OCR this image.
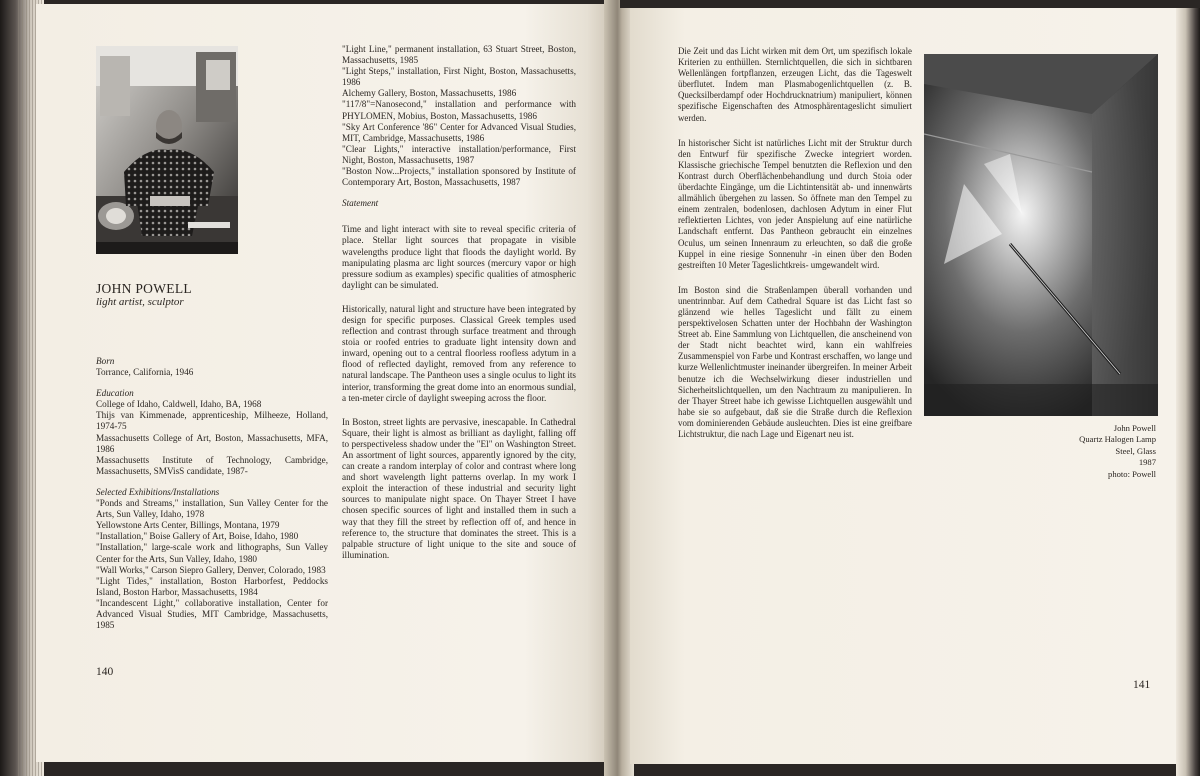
JOHN POWELL
light artist, sculptor

Born

Torrance, California, 1946

Education

College of Idaho, Caldwell, Idaho, BA, 1968

Thijs van Kimmenade, apprenticeship, Milheeze, Holland, 1974-75

Massachusetts College of Art, Boston, Massachusetts, MFA, 1986

Massachusetts Institute of Technology, Cambridge, Massachusetts, SMVisS candidate, 1987-

Selected Exhibitions/Installations

"Ponds and Streams," installation, Sun Valley Center for the Arts, Sun Valley, Idaho, 1978

Yellowstone Arts Center, Billings, Montana, 1979

"Installation," Boise Gallery of Art, Boise, Idaho, 1980

"Installation," large-scale work and lithographs, Sun Valley Center for the Arts, Sun Valley, Idaho, 1980

"Wall Works," Carson Siepro Gallery, Denver, Colorado, 1983

"Light Tides," installation, Boston Harborfest, Peddocks Island, Boston Harbor, Massachusetts, 1984

"Incandescent Light," collaborative installation, Center for Advanced Visual Studies, MIT Cambridge, Massachusetts, 1985

"Light Line," permanent installation, 63 Stuart Street, Boston, Massachusetts, 1985

"Light Steps," installation, First Night, Boston, Massachusetts, 1986

Alchemy Gallery, Boston, Massachusetts, 1986

"117/8"=Nanosecond," installation and performance with PHYLOMEN, Mobius, Boston, Massachusetts, 1986

"Sky Art Conference '86" Center for Advanced Visual Studies, MIT, Cambridge, Massachusetts, 1986

"Clear Lights," interactive installation/performance, First Night, Boston, Massachusetts, 1987

"Boston Now...Projects," installation sponsored by Institute of Contemporary Art, Boston, Massachusetts, 1987

Statement

Time and light interact with site to reveal specific criteria of place. Stellar light sources that propagate in visible wavelengths produce light that floods the daylight world. By manipulating plasma arc light sources (mercury vapor or high pressure sodium as examples) specific qualities of atmospheric daylight can be simulated.

Historically, natural light and structure have been integrated by design for specific purposes. Classical Greek temples used reflection and contrast through surface treatment and through stoia or roofed entries to graduate light intensity down and inward, opening out to a central floorless roofless adytum in a flood of reflected daylight, removed from any reference to natural landscape. The Pantheon uses a single oculus to light its interior, transforming the great dome into an enormous sundial, a ten-meter circle of daylight sweeping across the floor.

In Boston, street lights are pervasive, inescapable. In Cathedral Square, their light is almost as brilliant as daylight, falling off to perspectiveless shadow under the "El" on Washington Street. An assortment of light sources, apparently ignored by the city, can create a random interplay of color and contrast where long and short wavelength light patterns overlap. In my work I exploit the interaction of these industrial and security light sources to manipulate night space. On Thayer Street I have chosen specific sources of light and installed them in such a way that they fill the street by reflection off of, and hence in reference to, the structure that dominates the street. This is a palpable structure of light unique to the site and souce of illumination.

140

Die Zeit und das Licht wirken mit dem Ort, um spezifisch lokale Kriterien zu enthüllen. Sternlichtquellen, die sich in sichtbaren Wellenlängen fortpflanzen, erzeugen Licht, das die Tageswelt überflutet. Indem man Plasmabogenlichtquellen (z. B. Quecksilberdampf oder Hochdrucknatrium) manipuliert, können spezifische Eigenschaften des Atmosphärentageslicht simuliert werden.

In historischer Sicht ist natürliches Licht mit der Struktur durch den Entwurf für spezifische Zwecke integriert worden. Klassische griechische Tempel benutzten die Reflexion und den Kontrast durch Oberflächenbehandlung und durch Stoia oder überdachte Eingänge, um die Lichtintensität ab- und innenwärts allmählich übergehen zu lassen. So öffnete man den Tempel zu einem zentralen, bodenlosen, dachlosen Adytum in einer Flut reflektierten Lichtes, von jeder Anspielung auf eine natürliche Landschaft entfernt. Das Pantheon gebraucht ein einzelnes Oculus, um seinen Innenraum zu erleuchten, so daß die große Kuppel in eine riesige Sonnenuhr -in einen über den Boden gestreiften 10 Meter Tageslichtkreis- umgewandelt wird.

Im Boston sind die Straßenlampen überall vorhanden und unentrinnbar. Auf dem Cathedral Square ist das Licht fast so glänzend wie helles Tageslicht und fällt zu einem perspektivelosen Schatten unter der Hochbahn der Washington Street ab. Eine Sammlung von Lichtquellen, die anscheinend von der Stadt nicht beachtet wird, kann ein wahlfreies Zusammenspiel von Farbe und Kontrast erschaffen, wo lange und kurze Wellenlichtmuster ineinander übergreifen. In meiner Arbeit benutze ich die Wechselwirkung dieser industriellen und Sicherheitslichtquellen, um den Nachtraum zu manipulieren. In der Thayer Street habe ich gewisse Lichtquellen ausgewählt und habe sie so aufgebaut, daß sie die Straße durch die Reflexion vom dominierenden Gebäude ausleuchten. Dies ist eine greifbare Lichtstruktur, die nach Lage und Eigenart neu ist.

John Powell
Quartz Halogen Lamp
Steel, Glass
1987
photo: Powell
141
